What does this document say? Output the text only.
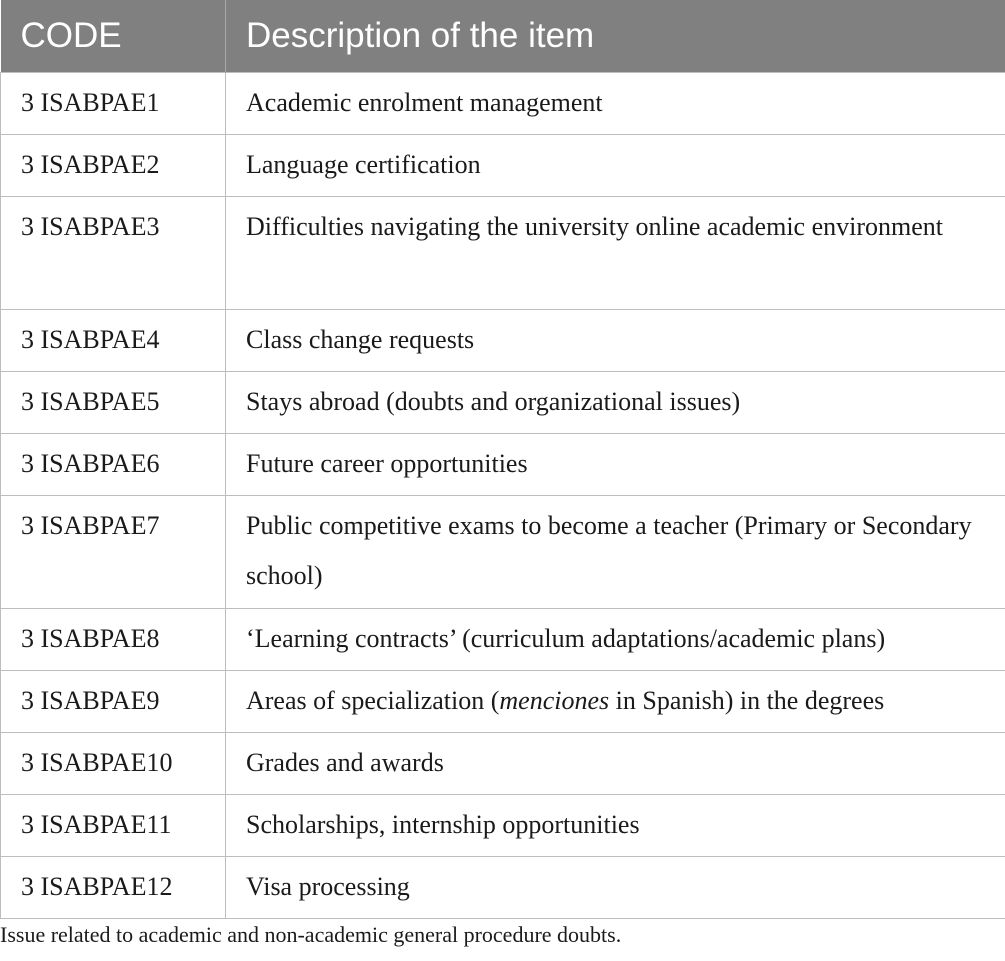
CODE	Description of the item
3 ISABPAE1	Academic enrolment management
3 ISABPAE2	Language certification
3 ISABPAE3	Difficulties navigating the university online academic environment
3 ISABPAE4	Class change requests
3 ISABPAE5	Stays abroad (doubts and organizational issues)
3 ISABPAE6	Future career opportunities
3 ISABPAE7	Public competitive exams to become a teacher (Primary or Secondary school)
3 ISABPAE8	‘Learning contracts’ (curriculum adaptations/academic plans)
3 ISABPAE9	Areas of specialization (menciones in Spanish) in the degrees
3 ISABPAE10	Grades and awards
3 ISABPAE11	Scholarships, internship opportunities
3 ISABPAE12	Visa processing
Issue related to academic and non-academic general procedure doubts.
